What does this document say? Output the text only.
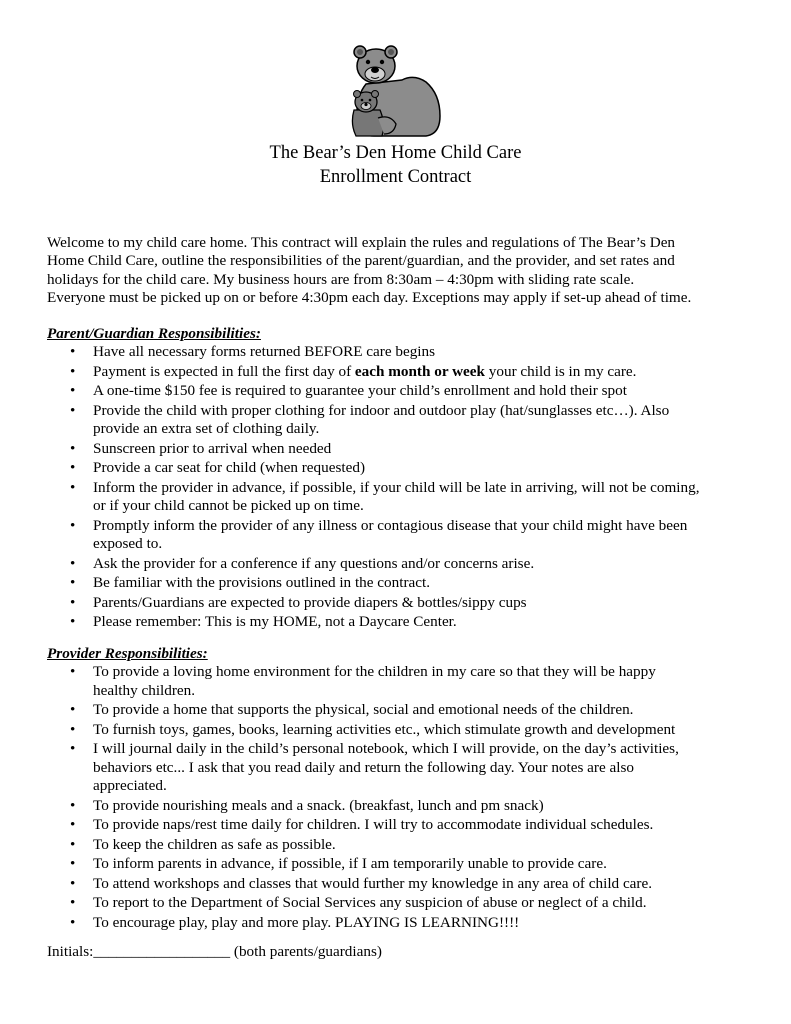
The Bear’s Den Home Child Care
Enrollment Contract
Welcome to my child care home. This contract will explain the rules and regulations of The Bear’s Den
Home Child Care, outline the responsibilities of the parent/guardian, and the provider, and set rates and
holidays for the child care. My business hours are from 8:30am – 4:30pm with sliding rate scale.
Everyone must be picked up on or before 4:30pm each day. Exceptions may apply if set-up ahead of time.
Parent/Guardian Responsibilities:
• Have all necessary forms returned BEFORE care begins
• Payment is expected in full the first day of each month or week your child is in my care.
• A one-time $150 fee is required to guarantee your child’s enrollment and hold their spot
• Provide the child with proper clothing for indoor and outdoor play (hat/sunglasses etc…). Also
provide an extra set of clothing daily.
• Sunscreen prior to arrival when needed
• Provide a car seat for child (when requested)
• Inform the provider in advance, if possible, if your child will be late in arriving, will not be coming,
or if your child cannot be picked up on time.
• Promptly inform the provider of any illness or contagious disease that your child might have been
exposed to.
• Ask the provider for a conference if any questions and/or concerns arise.
• Be familiar with the provisions outlined in the contract.
• Parents/Guardians are expected to provide diapers & bottles/sippy cups
• Please remember: This is my HOME, not a Daycare Center.
Provider Responsibilities:
• To provide a loving home environment for the children in my care so that they will be happy
healthy children.
• To provide a home that supports the physical, social and emotional needs of the children.
• To furnish toys, games, books, learning activities etc., which stimulate growth and development
• I will journal daily in the child’s personal notebook, which I will provide, on the day’s activities,
behaviors etc... I ask that you read daily and return the following day. Your notes are also
appreciated.
• To provide nourishing meals and a snack. (breakfast, lunch and pm snack)
• To provide naps/rest time daily for children. I will try to accommodate individual schedules.
• To keep the children as safe as possible.
• To inform parents in advance, if possible, if I am temporarily unable to provide care.
• To attend workshops and classes that would further my knowledge in any area of child care.
• To report to the Department of Social Services any suspicion of abuse or neglect of a child.
• To encourage play, play and more play. PLAYING IS LEARNING!!!!
Initials:__________________ (both parents/guardians)
